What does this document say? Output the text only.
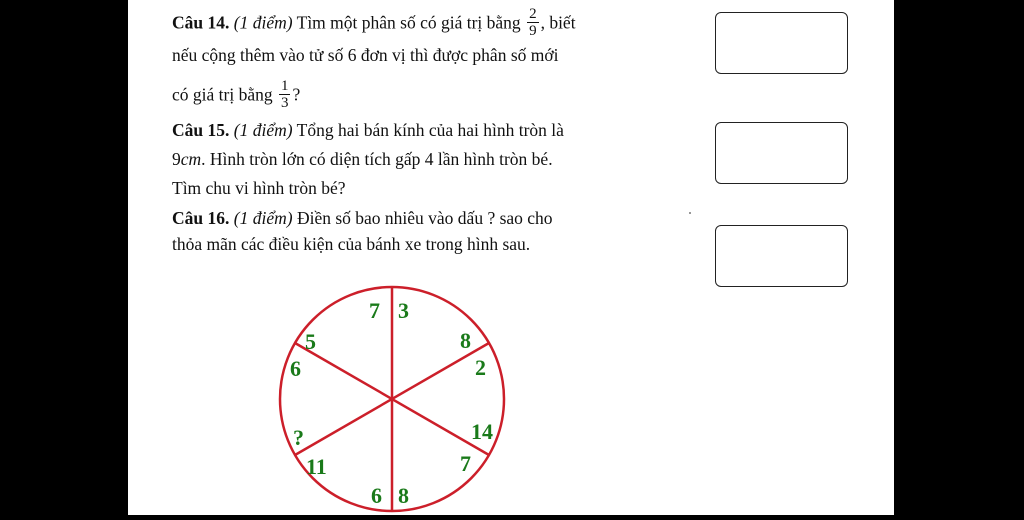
Câu 14. (1 điểm) Tìm một phân số có giá trị bằng $\frac{2}{9}$ , biết
nếu cộng thêm vào tử số 6 đơn vị thì được phân số mới
có giá trị bằng $\frac{1}{3}$ ?
Câu 15. (1 điểm) Tổng hai bán kính của hai hình tròn là
9cm. Hình tròn lớn có diện tích gấp 4 lần hình tròn bé.
Tìm chu vi hình tròn bé?
Câu 16. (1 điểm) Điền số bao nhiêu vào dấu ? sao cho
thỏa mãn các điều kiện của bánh xe trong hình sau.
7 3
8
2
14
7
8
6
11
?
6
5
